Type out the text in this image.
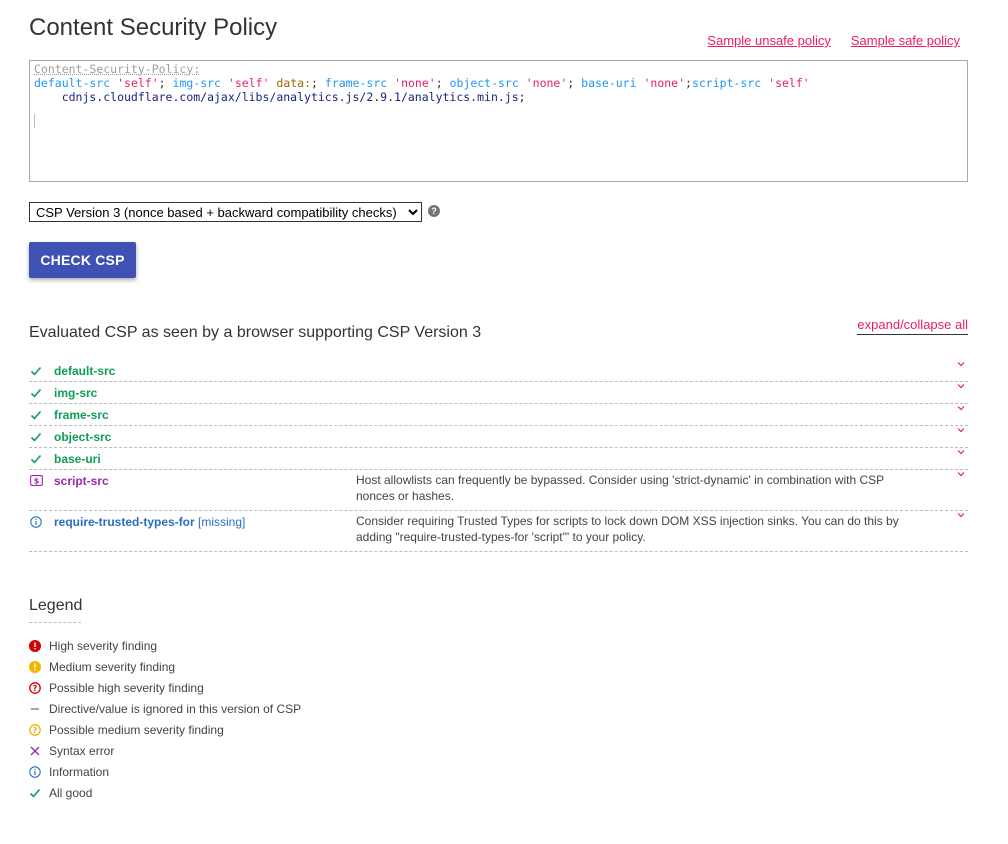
Content Security Policy	Sample unsafe policy Sample safe policy
Content-Security-Policy:
default-src 'self'; img-src 'self' data:; frame-src 'none'; object-src 'none'; base-uri 'none';script-src 'self'
cdnjs.cloudflare.com/ajax/libs/analytics.js/2.9.1/analytics.min.js;
CSP Version 3 (nonce based + backward compatibility checks)
?
CHECK CSP
Evaluated CSP as seen by a browser supporting CSP Version 3	expand/collapse all
default-src
img-src
frame-src
object-src
base-uri
$ script-src	Host allowlists can frequently be bypassed. Consider using 'strict-dynamic' in combination with CSP nonces or hashes.
require-trusted-types-for [missing]	Consider requiring Trusted Types for scripts to lock down DOM XSS injection sinks. You can do this by adding "require-trusted-types-for 'script'" to your policy.
Legend
High severity finding
Medium severity finding
? Possible high severity finding
Directive/value is ignored in this version of CSP
? Possible medium severity finding
Syntax error
Information
All good
